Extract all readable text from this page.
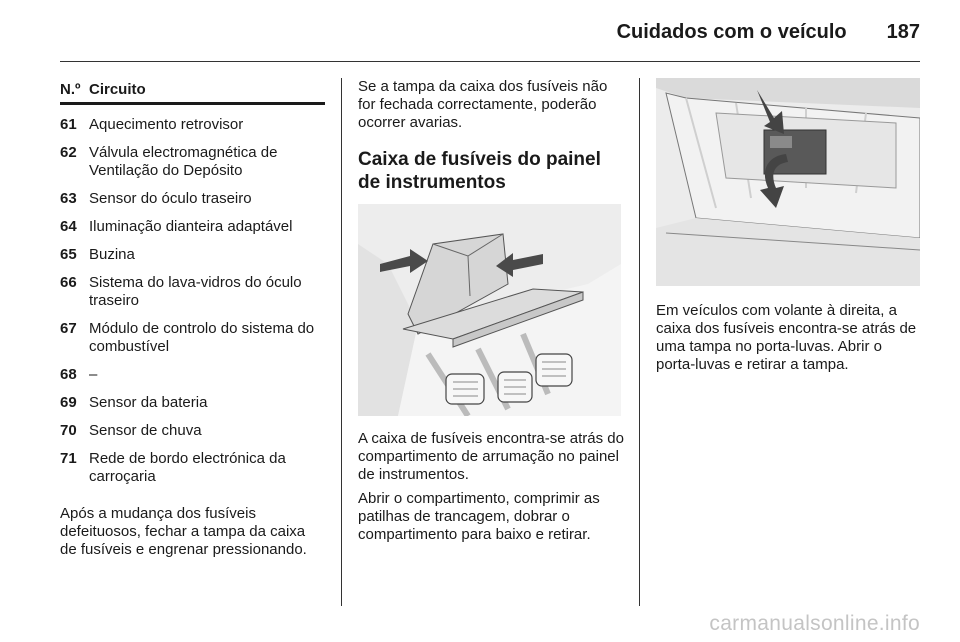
Cuidados com o veículo 187
N.º Circuito
61 Aquecimento retrovisor
62 Válvula electromagnética de Ventilação do Depósito
63 Sensor do óculo traseiro
64 Iluminação dianteira adaptável
65 Buzina
66 Sistema do lava-vidros do óculo traseiro
67 Módulo de controlo do sistema do combustível
68 –
69 Sensor da bateria
70 Sensor de chuva
71 Rede de bordo electrónica da carroçaria

Após a mudança dos fusíveis defeituosos, fechar a tampa da caixa de fusíveis e engrenar pressionando.

Se a tampa da caixa dos fusíveis não for fechada correctamente, poderão ocorrer avarias.

Caixa de fusíveis do painel de instrumentos

A caixa de fusíveis encontra-se atrás do compartimento de arrumação no painel de instrumentos.

Abrir o compartimento, comprimir as patilhas de trancagem, dobrar o compartimento para baixo e retirar.

Em veículos com volante à direita, a caixa dos fusíveis encontra-se atrás de uma tampa no porta-luvas. Abrir o porta-luvas e retirar a tampa.

carmanualsonline.info
